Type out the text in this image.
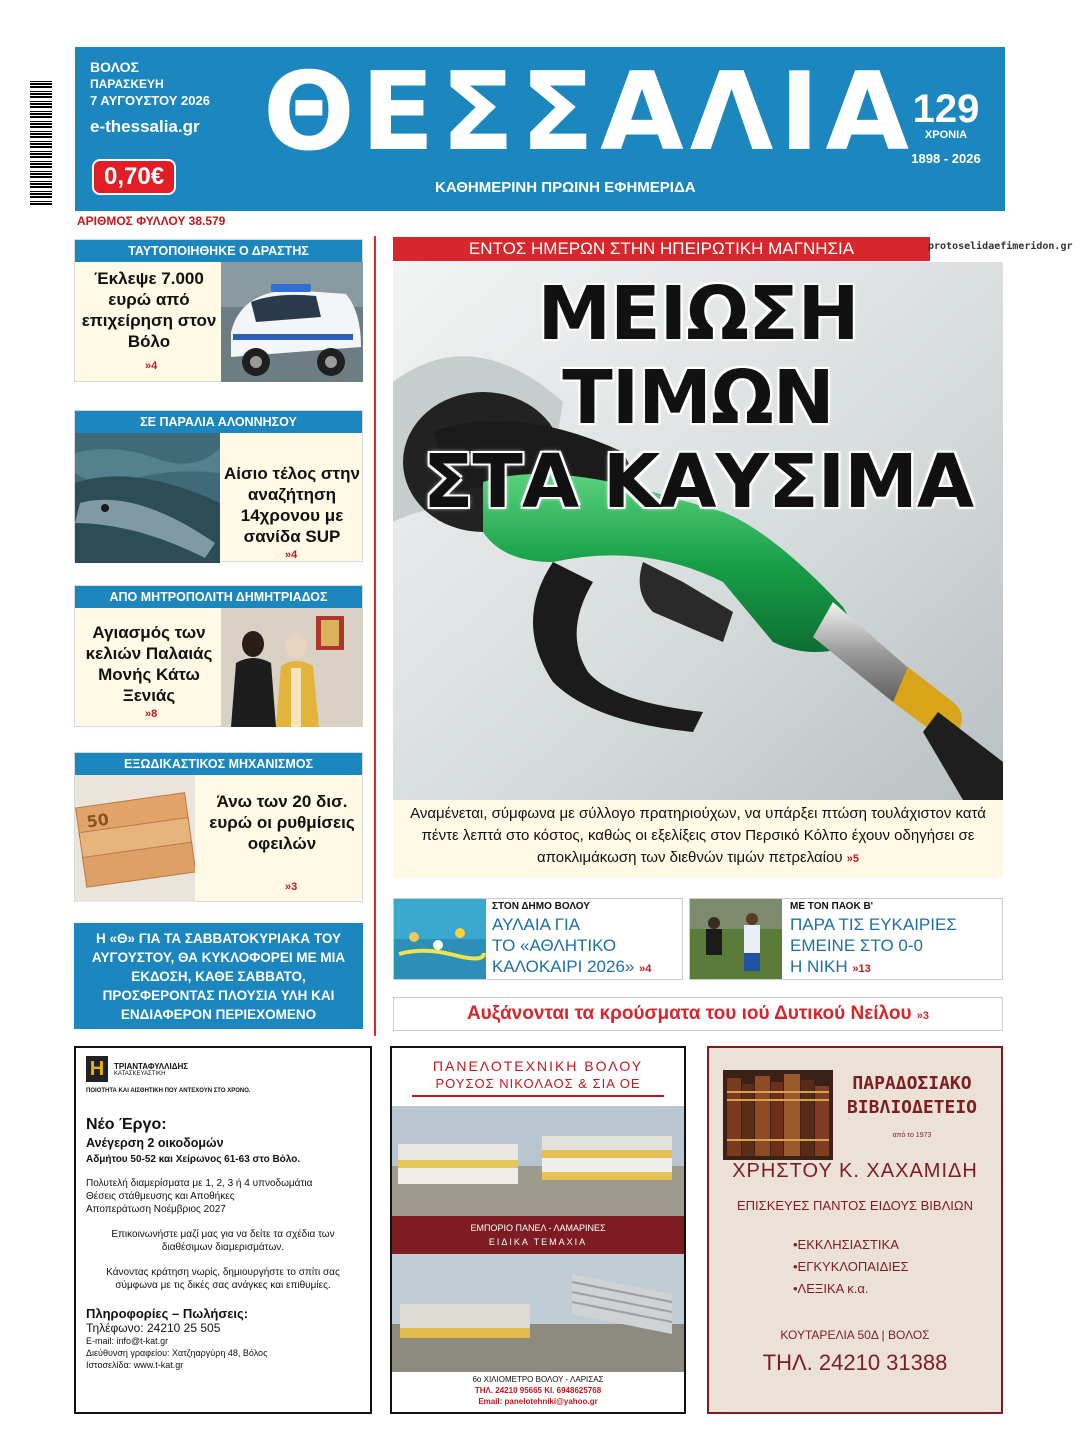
ΒΟΛΟΣ
ΠΑΡΑΣΚΕΥΗ
7 ΑΥΓΟΥΣΤΟΥ 2026
e-thessalia.gr
0,70€
ΘΕΣΣΑΛΙΑ
ΚΑΘΗΜΕΡΙΝΗ ΠΡΩΙΝΗ ΕΦΗΜΕΡΙΔΑ
129
ΧΡΟΝΙΑ
1898 - 2026
ΑΡΙΘΜΟΣ ΦΥΛΛΟΥ 38.579
ΤΑΥΤΟΠΟΙΗΘΗΚΕ Ο ΔΡΑΣΤΗΣ
Έκλεψε 7.000 ευρώ από επιχείρηση στον Βόλο
»4
ΣΕ ΠΑΡΑΛΙΑ ΑΛΟΝΝΗΣΟΥ
Αίσιο τέλος στην αναζήτηση 14χρονου με σανίδα SUP
»4
ΑΠΟ ΜΗΤΡΟΠΟΛΙΤΗ ΔΗΜΗΤΡΙΑΔΟΣ
Αγιασμός των κελιών Παλαιάς Μονής Κάτω Ξενιάς
»8
ΕΞΩΔΙΚΑΣΤΙΚΟΣ ΜΗΧΑΝΙΣΜΟΣ
50
Άνω των 20 δισ. ευρώ οι ρυθμίσεις οφειλών
»3
Η «Θ» ΓΙΑ ΤΑ ΣΑΒΒΑΤΟΚΥΡΙΑΚΑ ΤΟΥ ΑΥΓΟΥΣΤΟΥ, ΘΑ ΚΥΚΛΟΦΟΡΕΙ ΜΕ ΜΙΑ ΕΚΔΟΣΗ, ΚΑΘΕ ΣΑΒΒΑΤΟ, ΠΡΟΣΦΕΡΟΝΤΑΣ ΠΛΟΥΣΙΑ ΥΛΗ ΚΑΙ ΕΝΔΙΑΦΕΡΟΝ ΠΕΡΙΕΧΟΜΕΝΟ
ΕΝΤΟΣ ΗΜΕΡΩΝ ΣΤΗΝ ΗΠΕΙΡΩΤΙΚΗ ΜΑΓΝΗΣΙΑ	protoselidaefimeridon.gr
ΜΕΙΩΣΗ ΤΙΜΩΝ
ΣΤΑ ΚΑΥΣΙΜΑ
Αναμένεται, σύμφωνα με σύλλογο πρατηριούχων, να υπάρξει πτώση τουλάχιστον κατά πέντε λεπτά στο κόστος, καθώς οι εξελίξεις στον Περσικό Κόλπο έχουν οδηγήσει σε αποκλιμάκωση των διεθνών τιμών πετρελαίου »5
ΣΤΟΝ ΔΗΜΟ ΒΟΛΟΥ
ΑΥΛΑΙΑ ΓΙΑ
ΤΟ «ΑΘΛΗΤΙΚΟ
ΚΑΛΟΚΑΙΡΙ 2026» »4
ΜΕ ΤΟΝ ΠΑΟΚ Β'
ΠΑΡΑ ΤΙΣ ΕΥΚΑΙΡΙΕΣ
ΕΜΕΙΝΕ ΣΤΟ 0-0
Η ΝΙΚΗ »13
Αυξάνονται τα κρούσματα του ιού Δυτικού Νείλου »3
H	ΤΡΙΑΝΤΑΦΥΛΛΙΔΗΣ
ΚΑΤΑΣΚΕΥΑΣΤΙΚΗ
ΠΟΙΟΤΗΤΑ ΚΑΙ ΑΙΣΘΗΤΙΚΗ ΠΟΥ ΑΝΤΕΧΟΥΝ ΣΤΟ ΧΡΟΝΟ.
Νέο Έργο:
Ανέγερση 2 οικοδομών
Αδμήτου 50-52 και Χείρωνος 61-63 στο Βόλο.
Πολυτελή διαμερίσματα με 1, 2, 3 ή 4 υπνοδωμάτια
Θέσεις στάθμευσης και Αποθήκες
Αποπεράτωση Νοέμβριος 2027
Επικοινωνήστε μαζί μας για να δείτε τα σχέδια των διαθέσιμων διαμερισμάτων.
Κάνοντας κράτηση νωρίς, δημιουργήστε το σπίτι σας σύμφωνα με τις δικές σας ανάγκες και επιθυμίες.
Πληροφορίες – Πωλήσεις:
Τηλέφωνο: 24210 25 505
E-mail: info@t-kat.gr
Διεύθυνση γραφείου: Χατζηαργύρη 48, Βόλος
Ιστοσελίδα: www.t-kat.gr
ΠΑΝΕΛΟΤΕΧΝΙΚΗ ΒΟΛΟΥ
ΡΟΥΣΟΣ ΝΙΚΟΛΑΟΣ & ΣΙΑ ΟΕ
ΕΜΠΟΡΙΟ ΠΑΝΕΛ - ΛΑΜΑΡΙΝΕΣ
ΕΙΔΙΚΑ ΤΕΜΑΧΙΑ
6ο ΧΙΛΙΟΜΕΤΡΟ ΒΟΛΟΥ - ΛΑΡΙΣΑΣ
ΤΗΛ. 24210 95665 ΚΙ. 6948625768
Email: panelotehniki@yahoo.gr
ΠΑΡΑΔΟΣΙΑΚΟ
ΒΙΒΛΙΟΔΕΤΕΙΟ
από το 1973
ΧΡΗΣΤΟΥ Κ. ΧΑΧΑΜΙΔΗ
ΕΠΙΣΚΕΥΕΣ ΠΑΝΤΟΣ ΕΙΔΟΥΣ ΒΙΒΛΙΩΝ
•ΕΚΚΛΗΣΙΑΣΤΙΚΑ
•ΕΓΚΥΚΛΟΠΑΙΔΙΕΣ
•ΛΕΞΙΚΑ κ.α.
ΚΟΥΤΑΡΕΛΙΑ 50Δ | ΒΟΛΟΣ
ΤΗΛ. 24210 31388
